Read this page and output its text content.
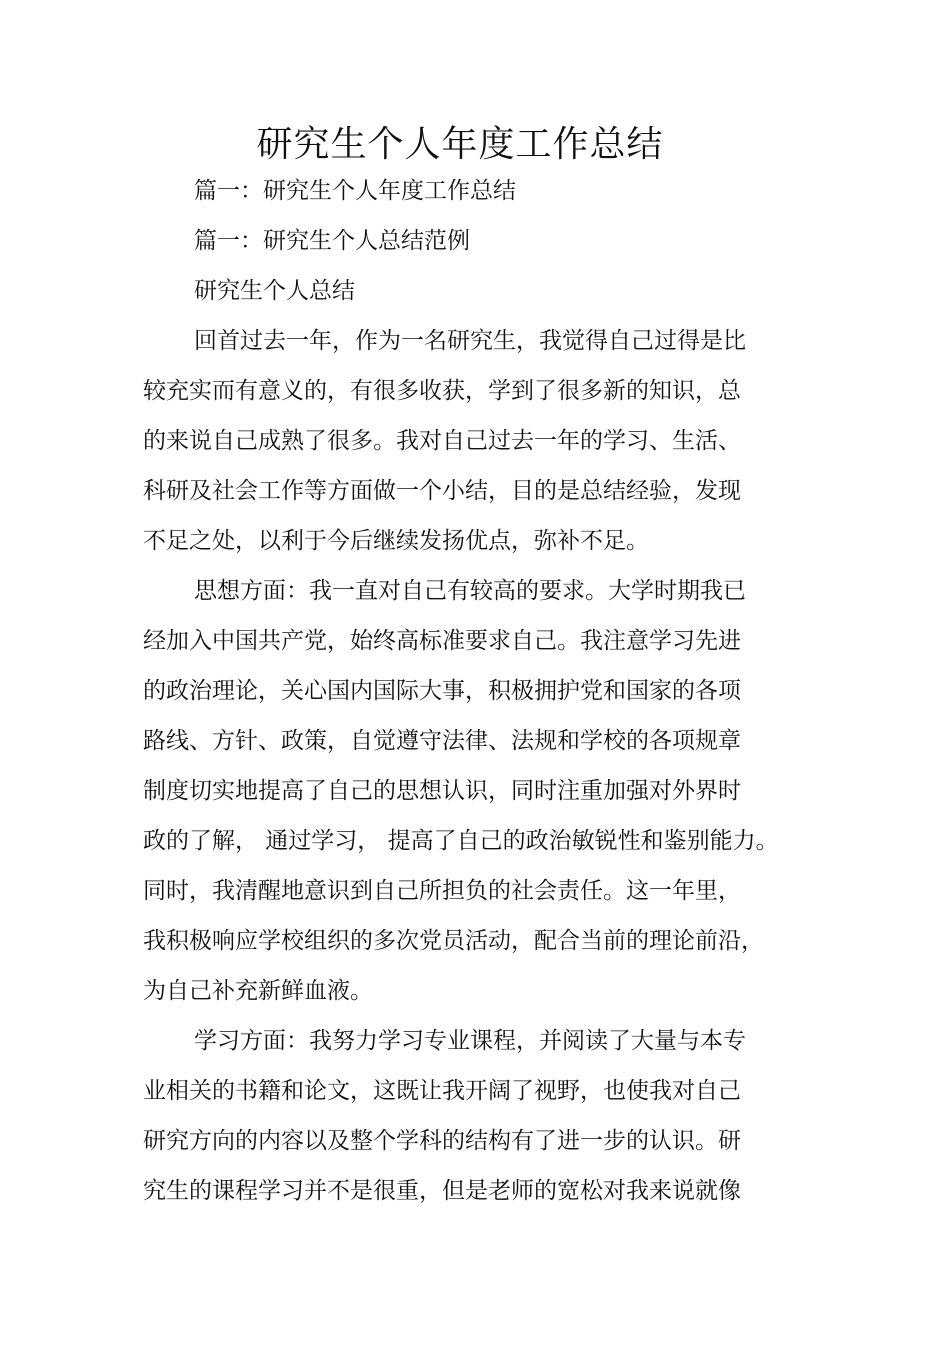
研究生个人年度工作总结

篇一：研究生个人年度工作总结

篇一：研究生个人总结范例

研究生个人总结

回首过去一年，作为一名研究生，我觉得自己过得是比

较充实而有意义的，有很多收获，学到了很多新的知识，总

的来说自己成熟了很多。我对自己过去一年的学习、生活、

科研及社会工作等方面做一个小结，目的是总结经验，发现

不足之处，以利于今后继续发扬优点，弥补不足。

思想方面：我一直对自己有较高的要求。大学时期我已

经加入中国共产党，始终高标准要求自己。我注意学习先进

的政治理论，关心国内国际大事，积极拥护党和国家的各项

路线、方针、政策，自觉遵守法律、法规和学校的各项规章

制度切实地提高了自己的思想认识，同时注重加强对外界时

政的了解， 通过学习， 提高了自己的政治敏锐性和鉴别能力。

同时，我清醒地意识到自己所担负的社会责任。这一年里，

我积极响应学校组织的多次党员活动，配合当前的理论前沿，

为自己补充新鲜血液。

学习方面：我努力学习专业课程，并阅读了大量与本专

业相关的书籍和论文，这既让我开阔了视野，也使我对自己

研究方向的内容以及整个学科的结构有了进一步的认识。研

究生的课程学习并不是很重，但是老师的宽松对我来说就像
